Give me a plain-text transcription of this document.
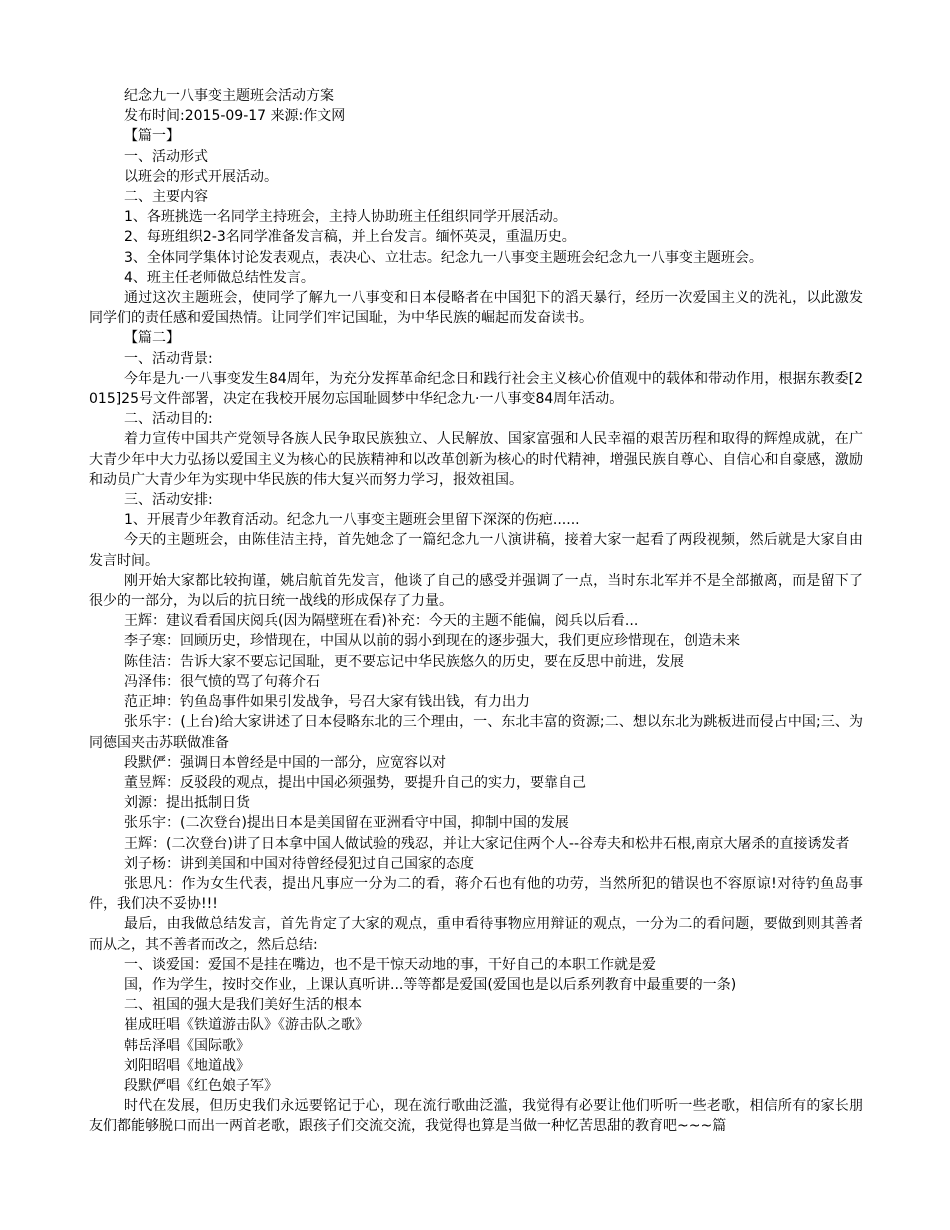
纪念九一八事变主题班会活动方案

发布时间:2015-09-17 来源:作文网

【篇一】

一、活动形式

以班会的形式开展活动。

二、主要内容

1、各班挑选一名同学主持班会，主持人协助班主任组织同学开展活动。

2、每班组织2-3名同学准备发言稿，并上台发言。缅怀英灵，重温历史。

3、全体同学集体讨论发表观点，表决心、立壮志。纪念九一八事变主题班会纪念九一八事变主题班会。

4、班主任老师做总结性发言。

通过这次主题班会，使同学了解九一八事变和日本侵略者在中国犯下的滔天暴行，经历一次爱国主义的洗礼，以此激发同学们的责任感和爱国热情。让同学们牢记国耻，为中华民族的崛起而发奋读书。

【篇二】

一、活动背景:

今年是九·一八事变发生84周年，为充分发挥革命纪念日和践行社会主义核心价值观中的载体和带动作用，根据东教委[2015]25号文件部署，决定在我校开展勿忘国耻圆梦中华纪念九·一八事变84周年活动。

二、活动目的:

着力宣传中国共产党领导各族人民争取民族独立、人民解放、国家富强和人民幸福的艰苦历程和取得的辉煌成就，在广大青少年中大力弘扬以爱国主义为核心的民族精神和以改革创新为核心的时代精神，增强民族自尊心、自信心和自豪感，激励和动员广大青少年为实现中华民族的伟大复兴而努力学习，报效祖国。

三、活动安排:

1、开展青少年教育活动。纪念九一八事变主题班会里留下深深的伤疤......

今天的主题班会，由陈佳洁主持，首先她念了一篇纪念九一八演讲稿，接着大家一起看了两段视频，然后就是大家自由发言时间。

刚开始大家都比较拘谨，姚启航首先发言，他谈了自己的感受并强调了一点，当时东北军并不是全部撤离，而是留下了很少的一部分，为以后的抗日统一战线的形成保存了力量。

王辉：建议看看国庆阅兵(因为隔壁班在看)补充：今天的主题不能偏，阅兵以后看...

李子寒：回顾历史，珍惜现在，中国从以前的弱小到现在的逐步强大，我们更应珍惜现在，创造未来

陈佳洁：告诉大家不要忘记国耻，更不要忘记中华民族悠久的历史，要在反思中前进，发展

冯泽伟：很气愤的骂了句蒋介石

范正坤：钓鱼岛事件如果引发战争，号召大家有钱出钱，有力出力

张乐宇：(上台)给大家讲述了日本侵略东北的三个理由，一、东北丰富的资源;二、想以东北为跳板进而侵占中国;三、为同德国夹击苏联做准备

段默俨：强调日本曾经是中国的一部分，应宽容以对

董昱辉：反驳段的观点，提出中国必须强势，要提升自己的实力，要靠自己

刘源：提出抵制日货

张乐宇：(二次登台)提出日本是美国留在亚洲看守中国，抑制中国的发展

王辉：(二次登台)讲了日本拿中国人做试验的残忍，并让大家记住两个人--谷寿夫和松井石根,南京大屠杀的直接诱发者

刘子杨：讲到美国和中国对待曾经侵犯过自己国家的态度

张思凡：作为女生代表，提出凡事应一分为二的看，蒋介石也有他的功劳，当然所犯的错误也不容原谅!对待钓鱼岛事件，我们决不妥协!!!

最后，由我做总结发言，首先肯定了大家的观点，重申看待事物应用辩证的观点，一分为二的看问题，要做到则其善者而从之，其不善者而改之，然后总结:

一、谈爱国：爱国不是挂在嘴边，也不是干惊天动地的事，干好自己的本职工作就是爱

国，作为学生，按时交作业，上课认真听讲...等等都是爱国(爱国也是以后系列教育中最重要的一条)

二、祖国的强大是我们美好生活的根本

崔成旺唱《铁道游击队》《游击队之歌》

韩岳泽唱《国际歌》

刘阳昭唱《地道战》

段默俨唱《红色娘子军》

时代在发展，但历史我们永远要铭记于心，现在流行歌曲泛滥，我觉得有必要让他们听听一些老歌，相信所有的家长朋友们都能够脱口而出一两首老歌，跟孩子们交流交流，我觉得也算是当做一种忆苦思甜的教育吧~~~篇
